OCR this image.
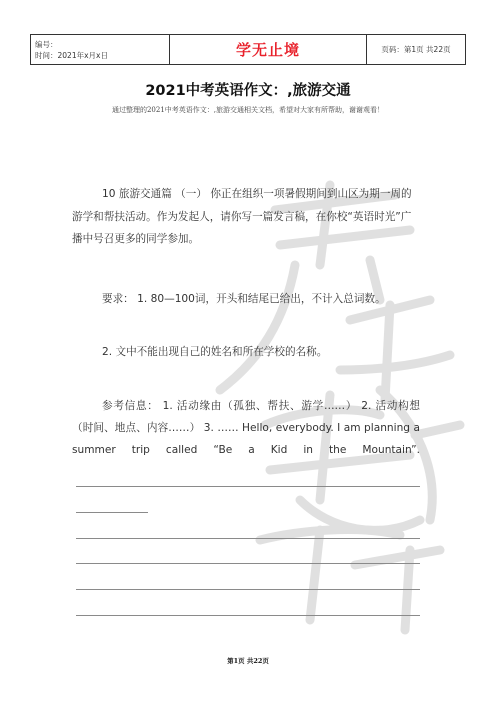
编号：
时间：2021年x月x日	学无止境	页码：第1页 共22页
2021中考英语作文：,旅游交通
通过整理的2021中考英语作文：,旅游交通相关文档，希望对大家有所帮助，谢谢观看！
10 旅游交通篇 （一） 你正在组织一项暑假期间到山区为期一周的游学和帮扶活动。作为发起人，请你写一篇发言稿，在你校“英语时光”广播中号召更多的同学参加。
要求： 1. 80—100词，开头和结尾已给出，不计入总词数。
2. 文中不能出现自己的姓名和所在学校的名称。
参考信息： 1. 活动缘由（孤独、帮扶、游学……） 2. 活动构想（时间、地点、内容……） 3. …… Hello, everybody. I am planning a summer trip called “Be a Kid in the Mountain”.
第1页 共22页
